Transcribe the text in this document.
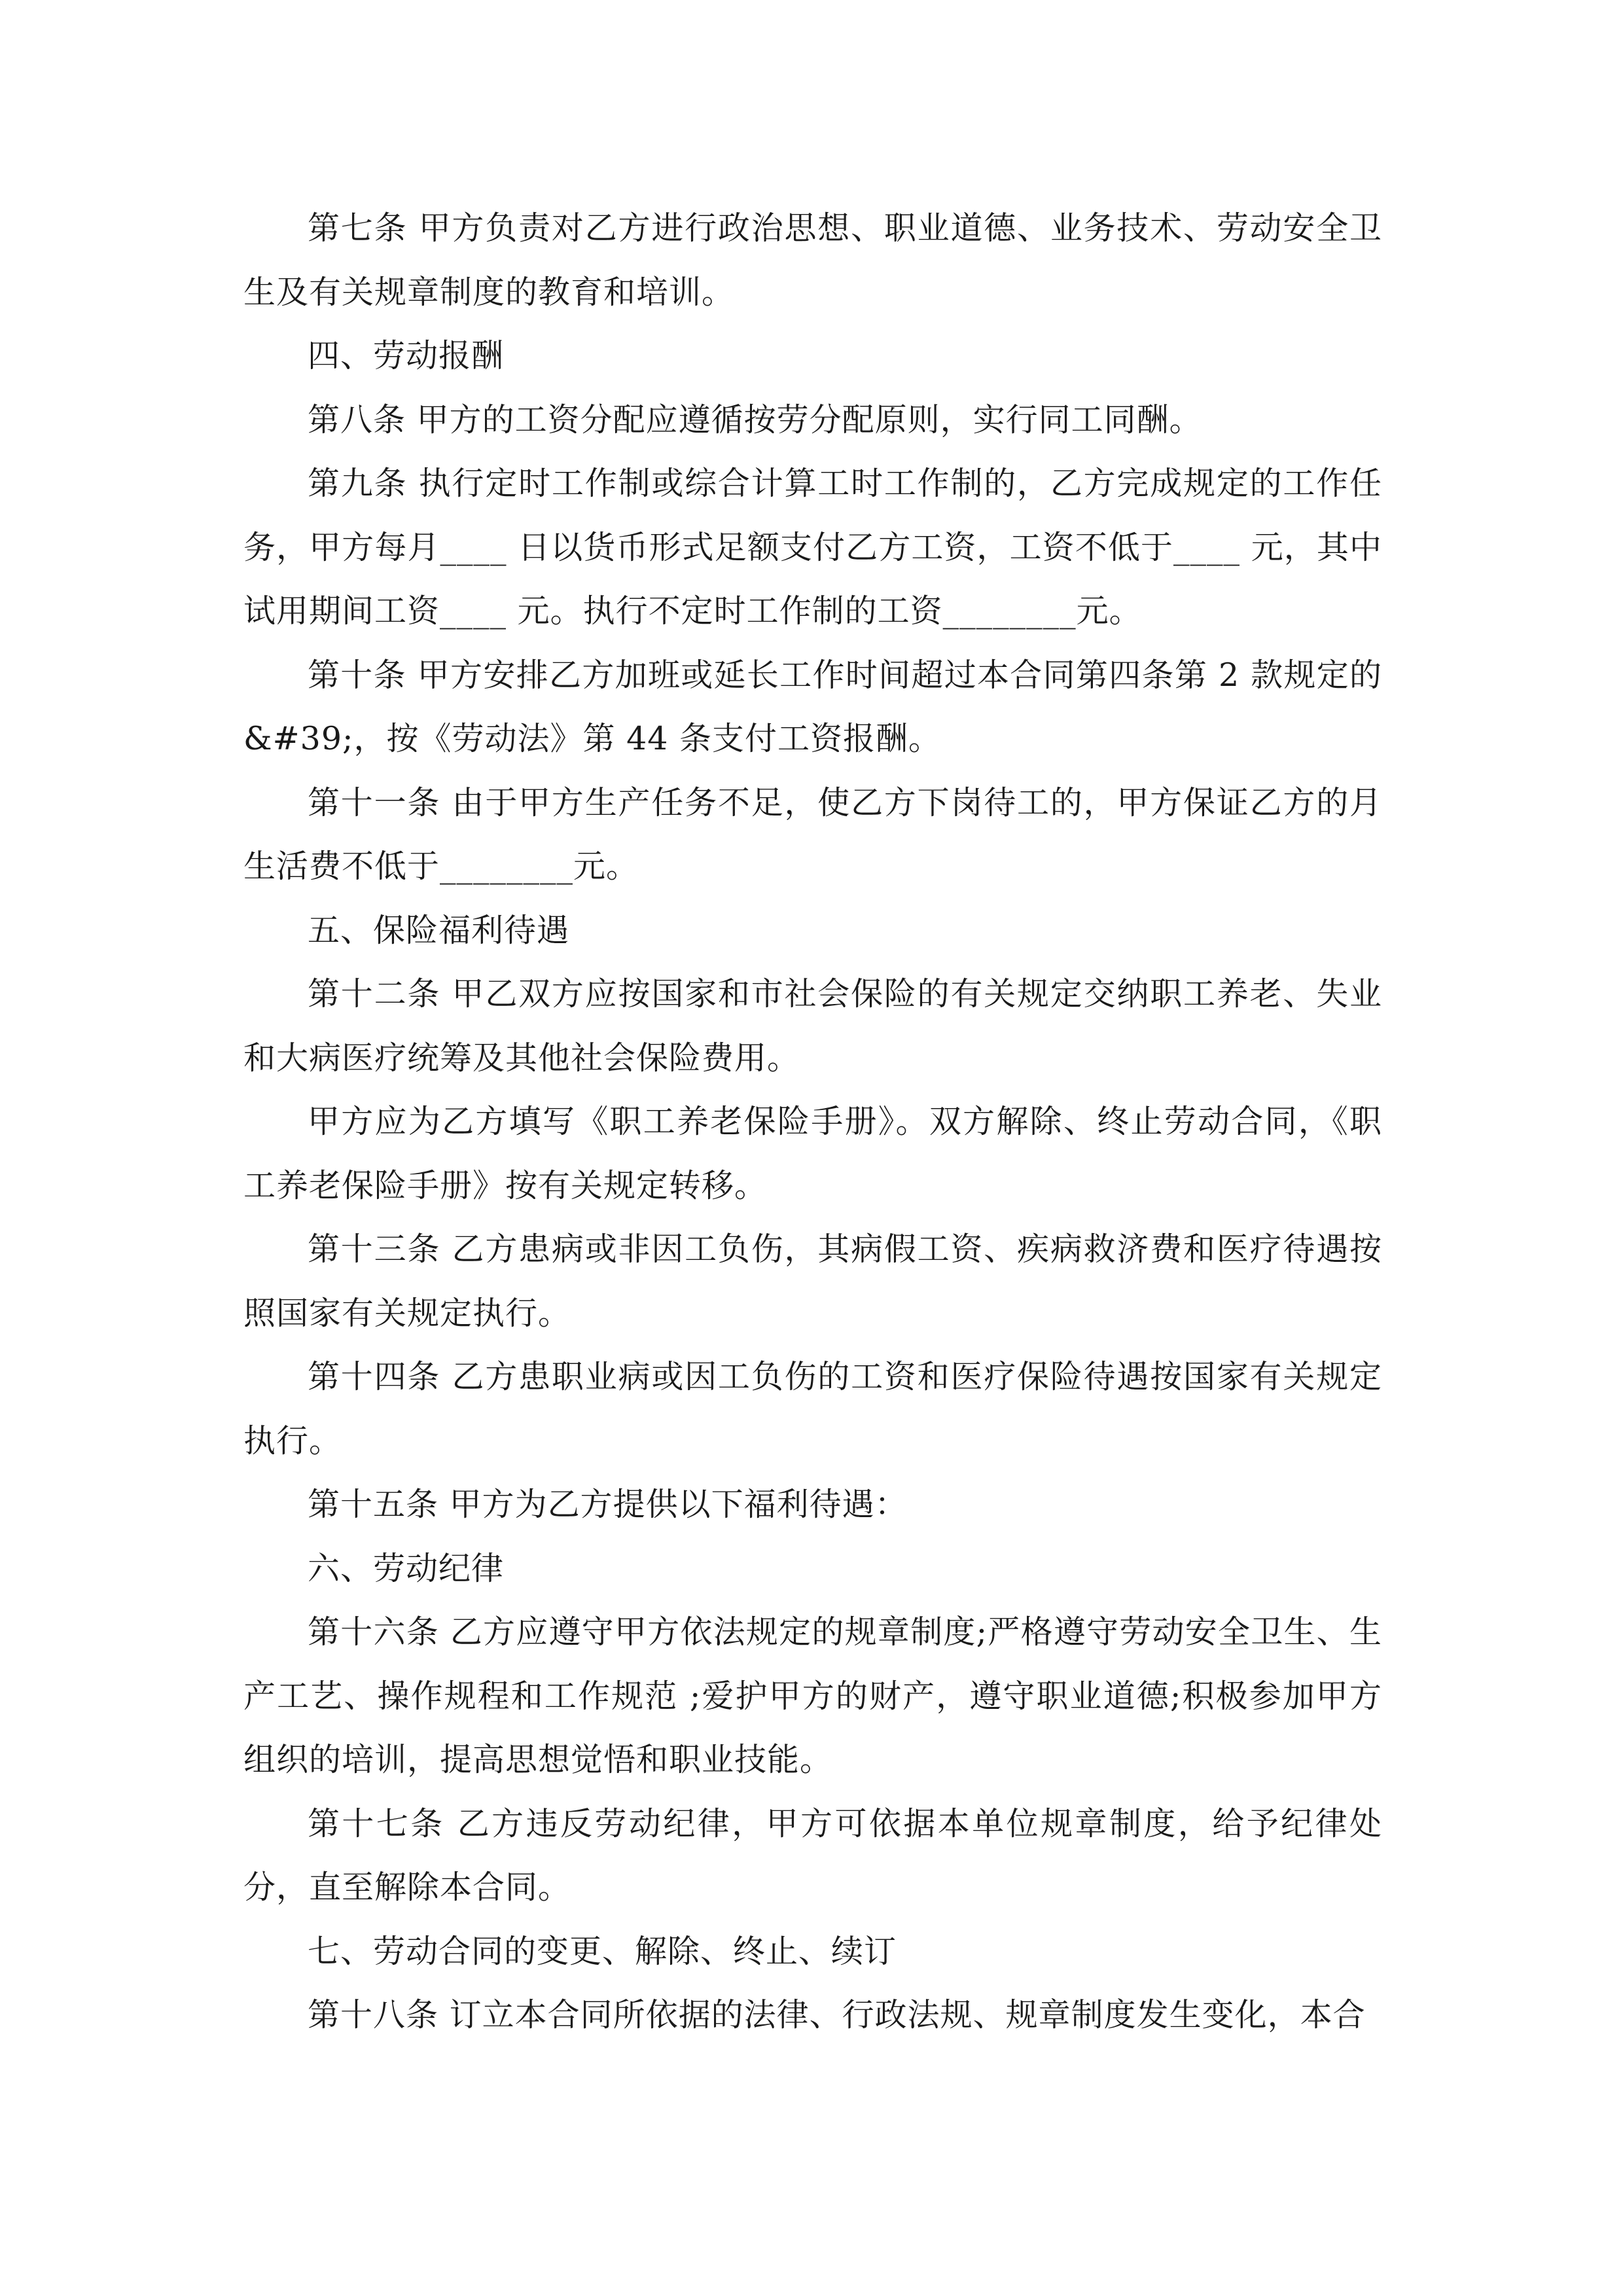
第七条 甲方负责对乙方进行政治思想、职业道德、业务技术、劳动安全卫生及有关规章制度的教育和培训。

四、劳动报酬

第八条 甲方的工资分配应遵循按劳分配原则，实行同工同酬。

第九条 执行定时工作制或综合计算工时工作制的，乙方完成规定的工作任务，甲方每月____ 日以货币形式足额支付乙方工资，工资不低于____ 元，其中试用期间工资____ 元。执行不定时工作制的工资________元。

第十条 甲方安排乙方加班或延长工作时间超过本合同第四条第 2 款规定的&#39;，按《劳动法》第 44 条支付工资报酬。

第十一条 由于甲方生产任务不足，使乙方下岗待工的，甲方保证乙方的月生活费不低于________元。

五、保险福利待遇

第十二条 甲乙双方应按国家和市社会保险的有关规定交纳职工养老、失业和大病医疗统筹及其他社会保险费用。

甲方应为乙方填写《职工养老保险手册》。双方解除、终止劳动合同，《职工养老保险手册》按有关规定转移。

第十三条 乙方患病或非因工负伤，其病假工资、疾病救济费和医疗待遇按照国家有关规定执行。

第十四条 乙方患职业病或因工负伤的工资和医疗保险待遇按国家有关规定执行。

第十五条 甲方为乙方提供以下福利待遇：

六、劳动纪律

第十六条 乙方应遵守甲方依法规定的规章制度;严格遵守劳动安全卫生、生产工艺、操作规程和工作规范 ;爱护甲方的财产，遵守职业道德;积极参加甲方组织的培训，提高思想觉悟和职业技能。

第十七条 乙方违反劳动纪律，甲方可依据本单位规章制度，给予纪律处分，直至解除本合同。

七、劳动合同的变更、解除、终止、续订

第十八条 订立本合同所依据的法律、行政法规、规章制度发生变化，本合
